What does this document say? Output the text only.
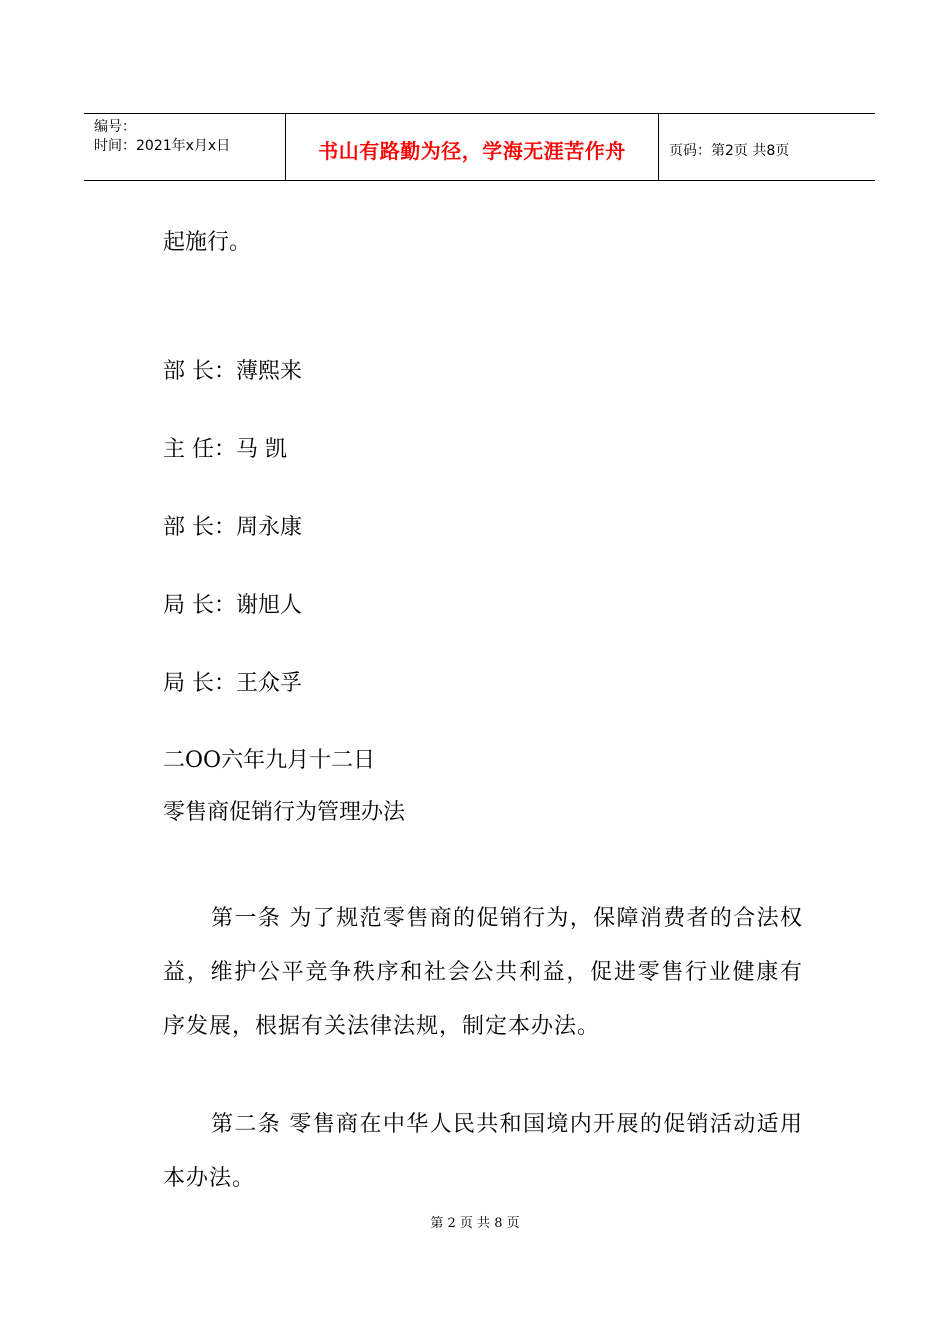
编号：
时间：2021年x月x日	书山有路勤为径，学海无涯苦作舟	页码：第2页 共8页
起施行。
部 长：薄熙来
主 任：马 凯
部 长：周永康
局 长：谢旭人
局 长：王众孚
二OO六年九月十二日
零售商促销行为管理办法
第一条 为了规范零售商的促销行为，保障消费者的合法权益，维护公平竞争秩序和社会公共利益，促进零售行业健康有序发展，根据有关法律法规，制定本办法。
第二条 零售商在中华人民共和国境内开展的促销活动适用本办法。
第 2 页 共 8 页
